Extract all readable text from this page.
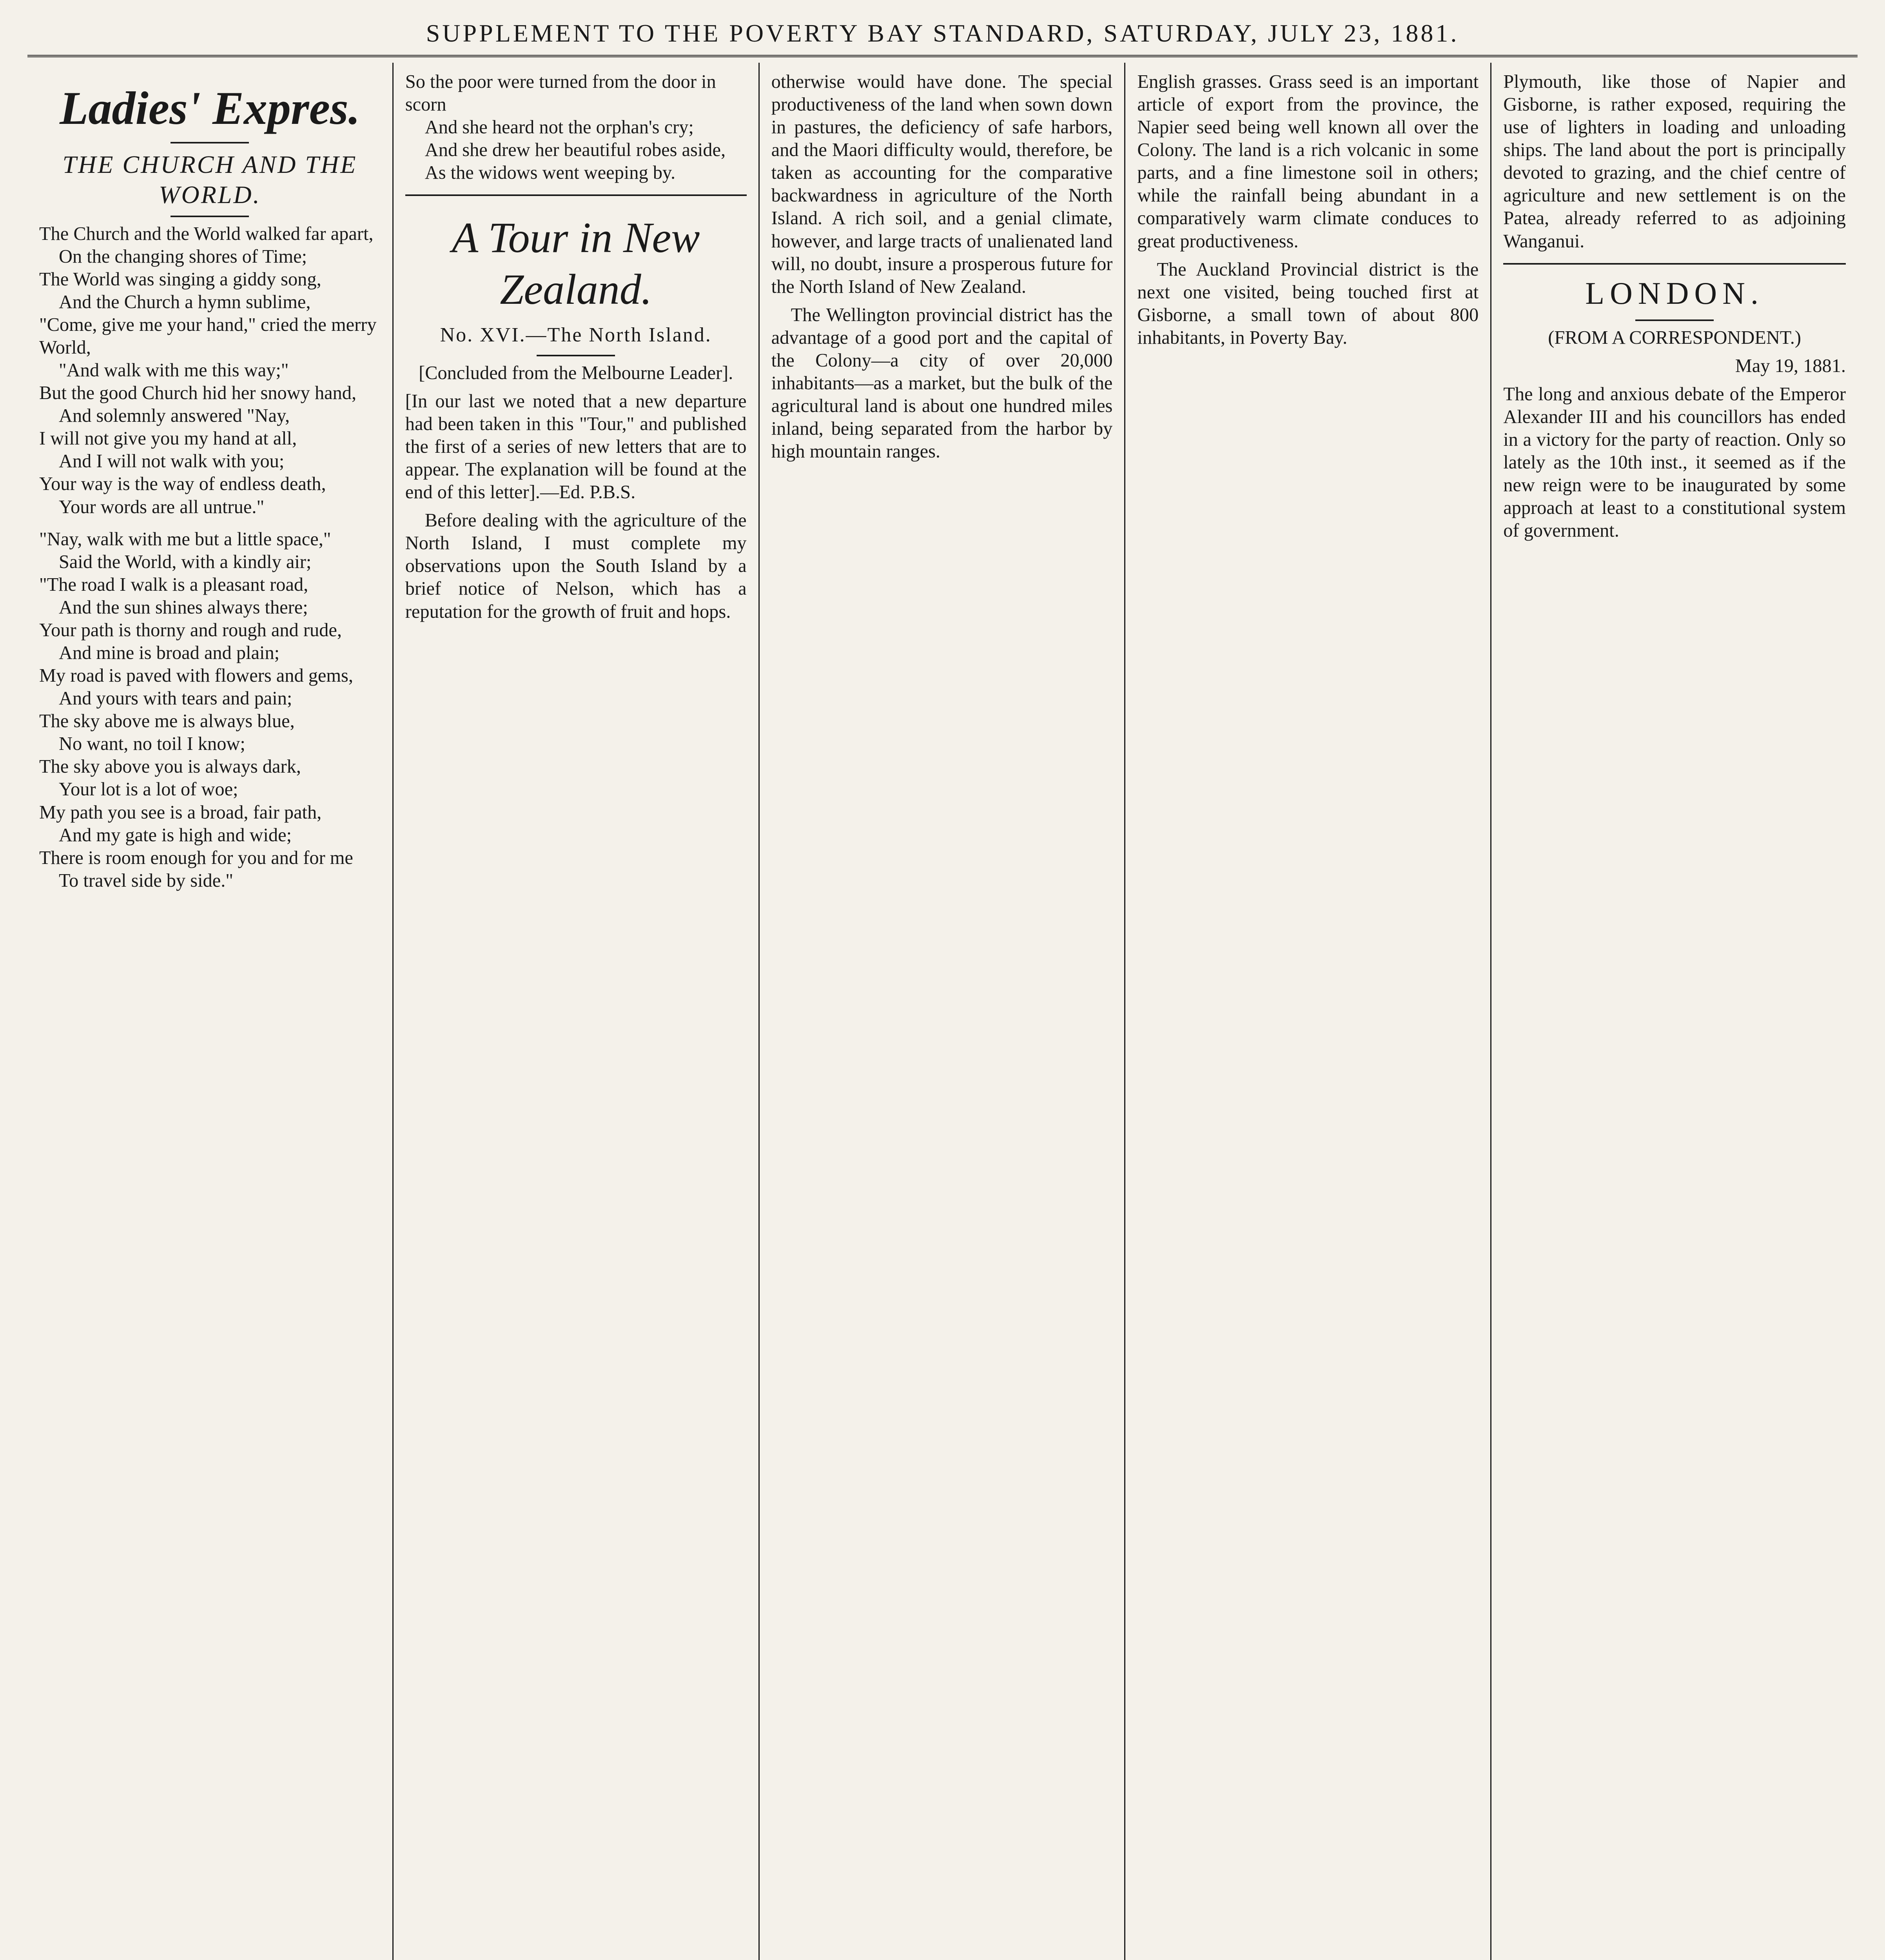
SUPPLEMENT TO THE POVERTY BAY STANDARD, SATURDAY, JULY 23, 1881.
Ladies' Expres.
THE CHURCH AND THE WORLD.

The Church and the World walked far apart,

On the changing shores of Time;

The World was singing a giddy song,

And the Church a hymn sublime,

"Come, give me your hand," cried the merry World,

"And walk with me this way;"

But the good Church hid her snowy hand,

And solemnly answered "Nay,

I will not give you my hand at all,

And I will not walk with you;

Your way is the way of endless death,

Your words are all untrue."

"Nay, walk with me but a little space,"

Said the World, with a kindly air;

"The road I walk is a pleasant road,

And the sun shines always there;

Your path is thorny and rough and rude,

And mine is broad and plain;

My road is paved with flowers and gems,

And yours with tears and pain;

The sky above me is always blue,

No want, no toil I know;

The sky above you is always dark,

Your lot is a lot of woe;

My path you see is a broad, fair path,

And my gate is high and wide;

There is room enough for you and for me

To travel side by side."

So the poor were turned from the door in scorn

And she heard not the orphan's cry;

And she drew her beautiful robes aside,

As the widows went weeping by.

A Tour in New Zealand.
No. XVI.—The North Island.

[Concluded from the Melbourne Leader].

[In our last we noted that a new departure had been taken in this "Tour," and published the first of a series of new letters that are to appear. The explanation will be found at the end of this letter].—Ed. P.B.S.

Before dealing with the agriculture of the North Island, I must complete my observations upon the South Island by a brief notice of Nelson, which has a reputation for the growth of fruit and hops.

otherwise would have done. The special productiveness of the land when sown down in pastures, the deficiency of safe harbors, and the Maori difficulty would, therefore, be taken as accounting for the comparative backwardness in agriculture of the North Island. A rich soil, and a genial climate, however, and large tracts of unalienated land will, no doubt, insure a prosperous future for the North Island of New Zealand.

The Wellington provincial district has the advantage of a good port and the capital of the Colony—a city of over 20,000 inhabitants—as a market, but the bulk of the agricultural land is about one hundred miles inland, being separated from the harbor by high mountain ranges.

English grasses. Grass seed is an important article of export from the province, the Napier seed being well known all over the Colony. The land is a rich volcanic in some parts, and a fine limestone soil in others; while the rainfall being abundant in a comparatively warm climate conduces to great productiveness.

The Auckland Provincial district is the next one visited, being touched first at Gisborne, a small town of about 800 inhabitants, in Poverty Bay.

Plymouth, like those of Napier and Gisborne, is rather exposed, requiring the use of lighters in loading and unloading ships. The land about the port is principally devoted to grazing, and the chief centre of agriculture and new settlement is on the Patea, already referred to as adjoining Wanganui.

LONDON.

(FROM A CORRESPONDENT.)

May 19, 1881.

The long and anxious debate of the Emperor Alexander III and his councillors has ended in a victory for the party of reaction. Only so lately as the 10th inst., it seemed as if the new reign were to be inaugurated by some approach at least to a constitutional system of government.
